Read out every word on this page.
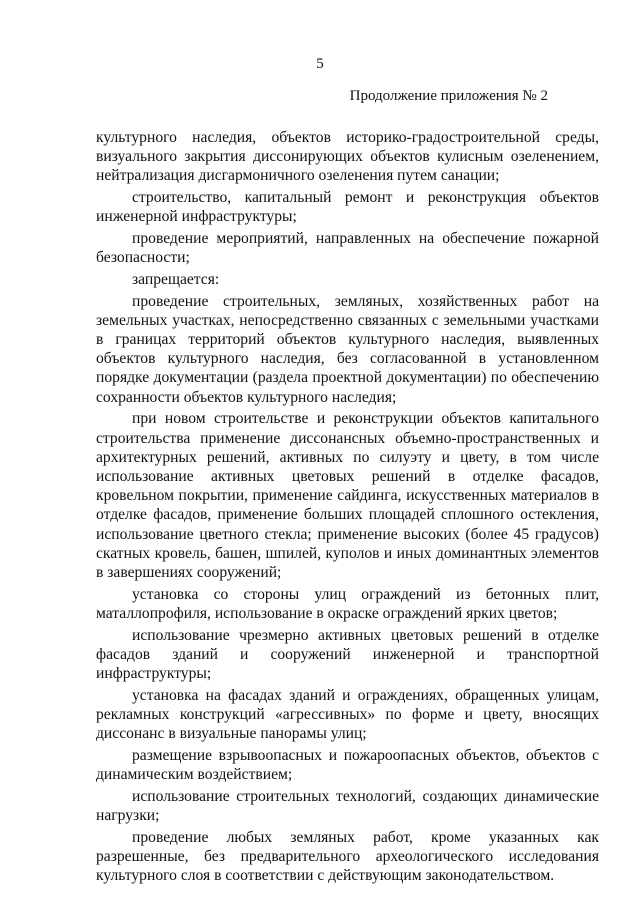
5
Продолжение приложения № 2

культурного наследия, объектов историко-градостроительной среды, визуального закрытия диссонирующих объектов кулисным озеленением, нейтрализация дисгармоничного озеленения путем санации;

строительство, капитальный ремонт и реконструкция объектов инженерной инфраструктуры;

проведение мероприятий, направленных на обеспечение пожарной безопасности;

запрещается:

проведение строительных, земляных, хозяйственных работ на земельных участках, непосредственно связанных с земельными участками в границах территорий объектов культурного наследия, выявленных объектов культурного наследия, без согласованной в установленном порядке документации (раздела проектной документации) по обеспечению сохранности объектов культурного наследия;

при новом строительстве и реконструкции объектов капитального строительства применение диссонансных объемно-пространственных и архитектурных решений, активных по силуэту и цвету, в том числе использование активных цветовых решений в отделке фасадов, кровельном покрытии, применение сайдинга, искусственных материалов в отделке фасадов, применение больших площадей сплошного остекления, использование цветного стекла; применение высоких (более 45 градусов) скатных кровель, башен, шпилей, куполов и иных доминантных элементов в завершениях сооружений;

установка со стороны улиц ограждений из бетонных плит, маталлопрофиля, использование в окраске ограждений ярких цветов;

использование чрезмерно активных цветовых решений в отделке фасадов зданий и сооружений инженерной и транспортной инфраструктуры;

установка на фасадах зданий и ограждениях, обращенных улицам, рекламных конструкций «агрессивных» по форме и цвету, вносящих диссонанс в визуальные панорамы улиц;

размещение взрывоопасных и пожароопасных объектов, объектов с динамическим воздействием;

использование строительных технологий, создающих динамические нагрузки;

проведение любых земляных работ, кроме указанных как разрешенные, без предварительного археологического исследования культурного слоя в соответствии с действующим законодательством.
